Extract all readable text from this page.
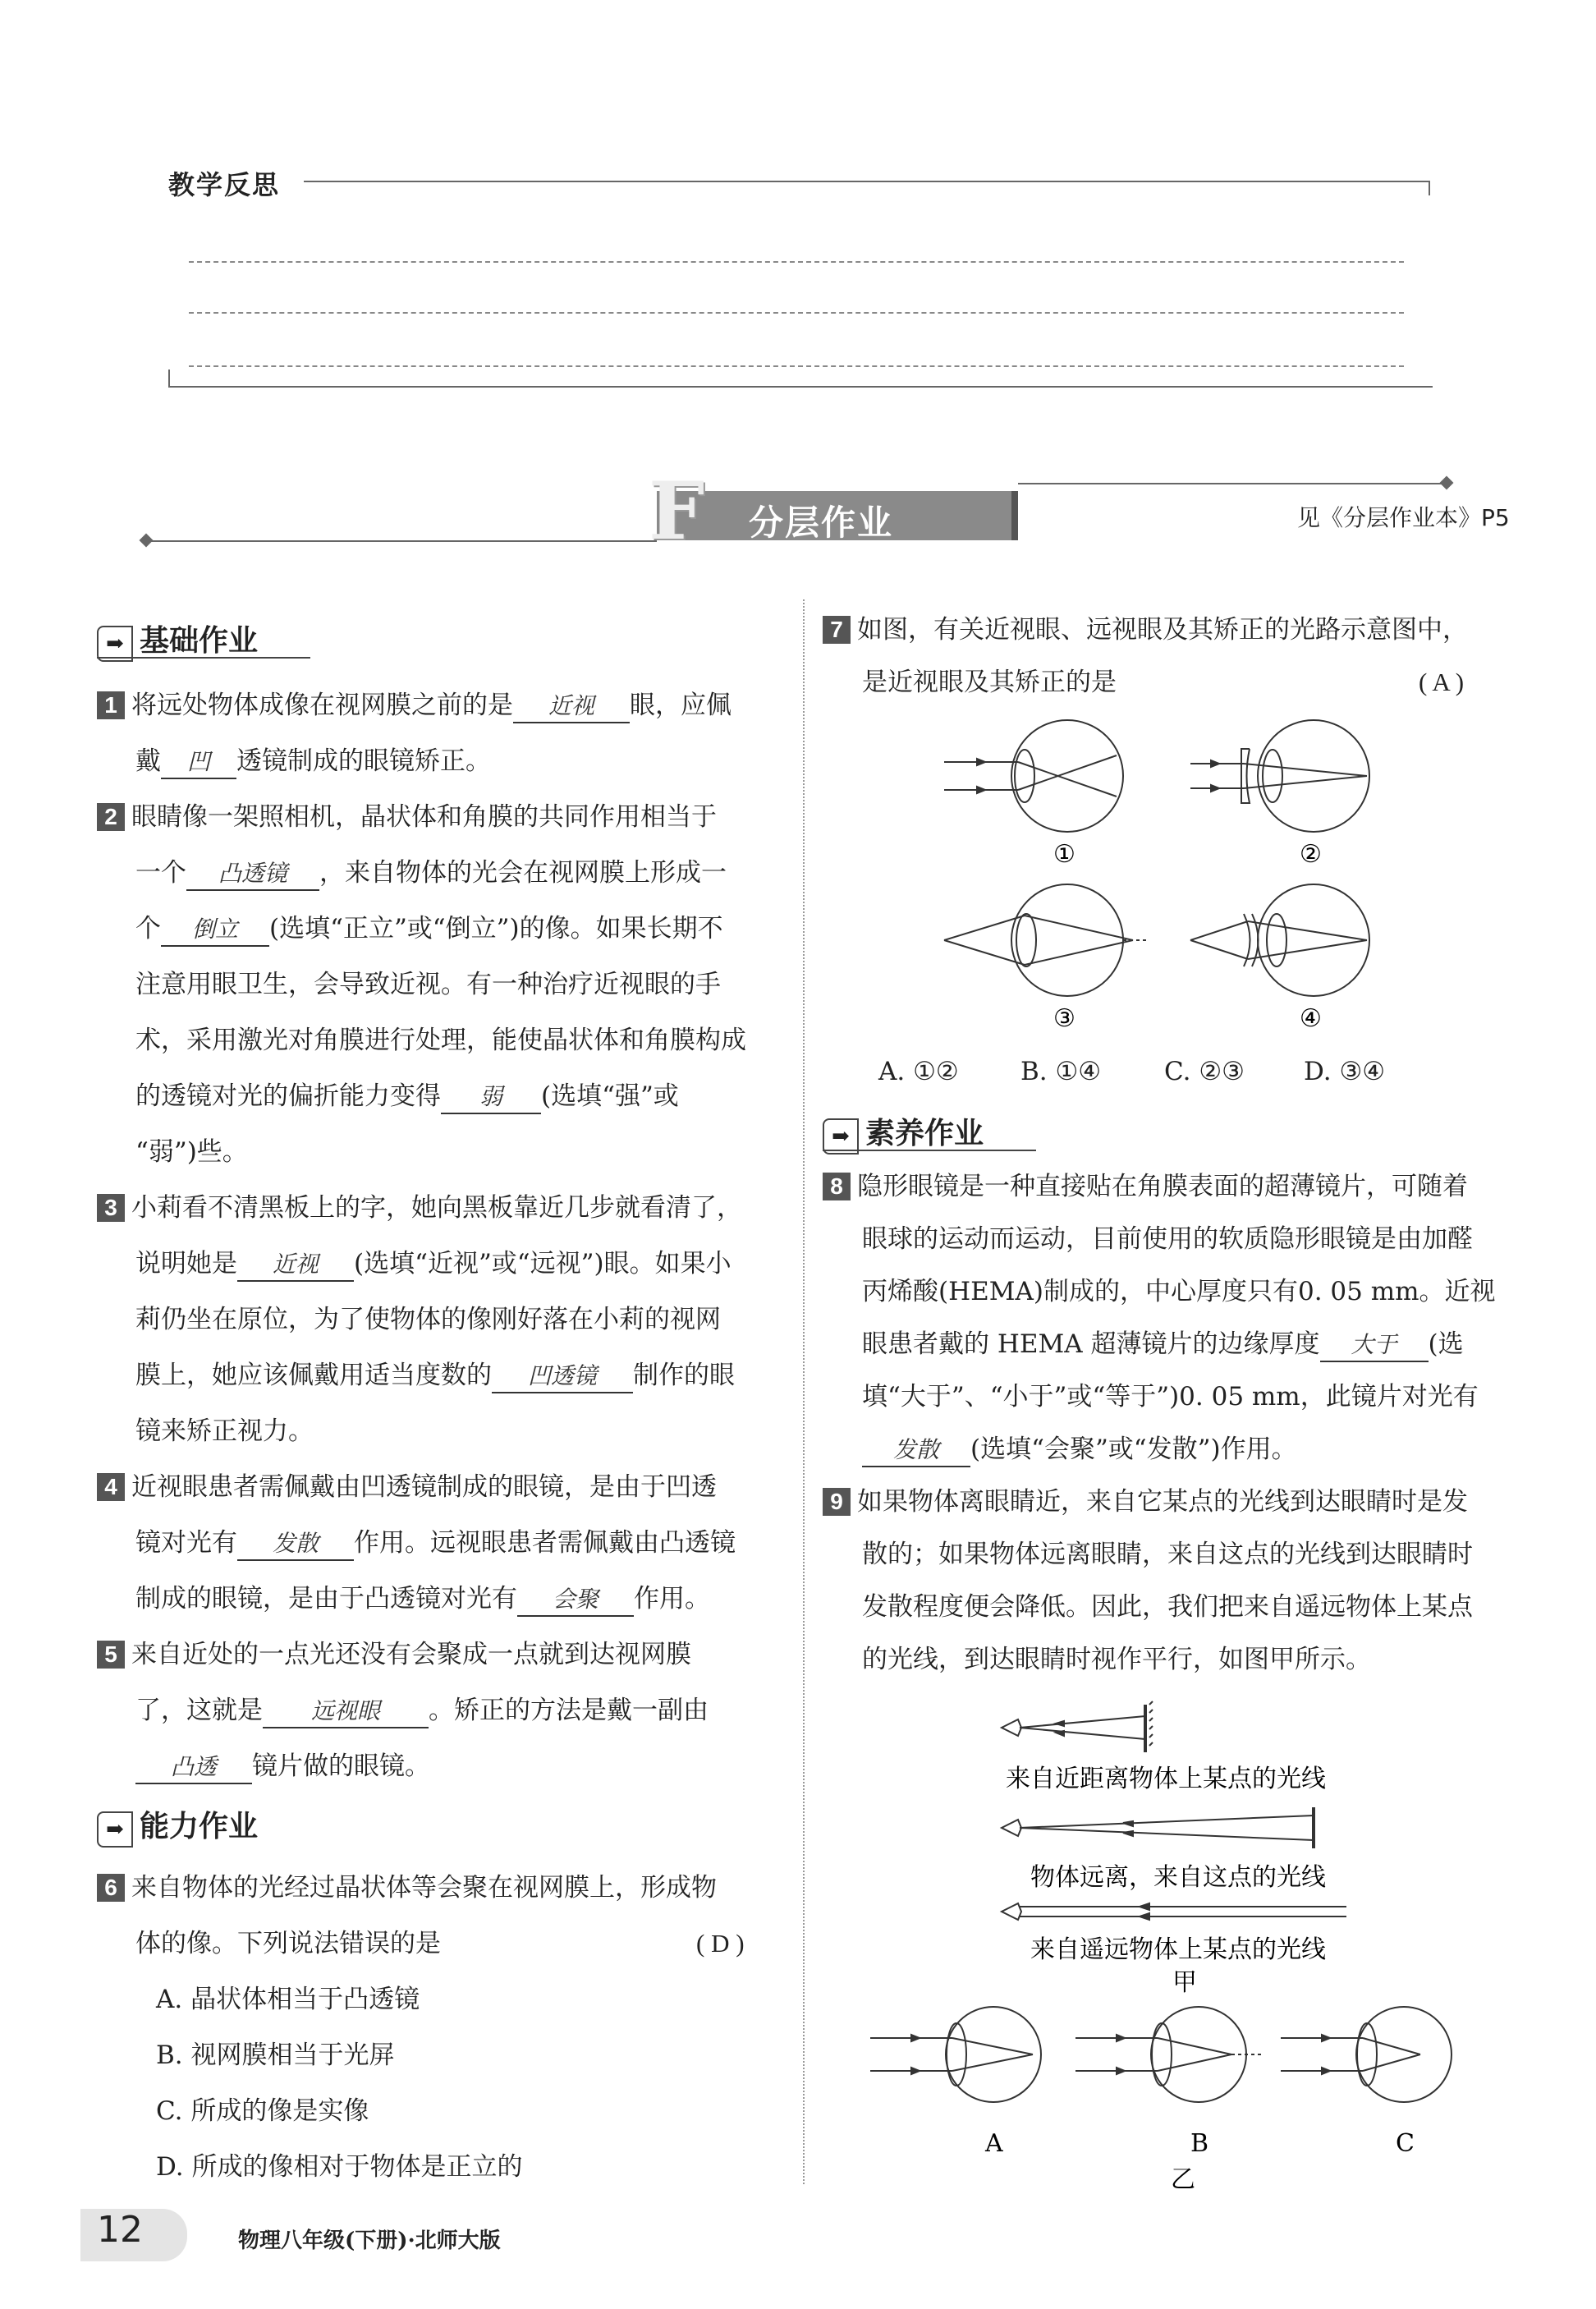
教学反思
F 分层作业	见《分层作业本》P5
➡ 基础作业
1 将远处物体成像在视网膜之前的是 近视 眼，应佩
戴 凹 透镜制成的眼镜矫正。
2 眼睛像一架照相机，晶状体和角膜的共同作用相当于
一个 凸透镜 ，来自物体的光会在视网膜上形成一
个 倒立 (选填“正立”或“倒立”)的像。如果长期不
注意用眼卫生，会导致近视。有一种治疗近视眼的手
术，采用激光对角膜进行处理，能使晶状体和角膜构成
的透镜对光的偏折能力变得 弱 (选填“强”或
“弱”)些。
3 小莉看不清黑板上的字，她向黑板靠近几步就看清了，
说明她是 近视 (选填“近视”或“远视”)眼。如果小
莉仍坐在原位，为了使物体的像刚好落在小莉的视网
膜上，她应该佩戴用适当度数的 凹透镜 制作的眼
镜来矫正视力。
4 近视眼患者需佩戴由凹透镜制成的眼镜，是由于凹透
镜对光有 发散 作用。远视眼患者需佩戴由凸透镜
制成的眼镜，是由于凸透镜对光有 会聚 作用。
5 来自近处的一点光还没有会聚成一点就到达视网膜
了，这就是 远视眼 。矫正的方法是戴一副由
凸透 镜片做的眼镜。
➡ 能力作业
6 来自物体的光经过晶状体等会聚在视网膜上，形成物
体的像。下列说法错误的是	( D )
A. 晶状体相当于凸透镜
B. 视网膜相当于光屏
C. 所成的像是实像
D. 所成的像相对于物体是正立的
7 如图，有关近视眼、远视眼及其矫正的光路示意图中，
是近视眼及其矫正的是	( A )
①	②
③	④
A. ①② B. ①④ C. ②③ D. ③④
➡ 素养作业
8 隐形眼镜是一种直接贴在角膜表面的超薄镜片，可随着
眼球的运动而运动，目前使用的软质隐形眼镜是由加醛
丙烯酸(HEMA)制成的，中心厚度只有0. 05 mm。近视
眼患者戴的 HEMA 超薄镜片的边缘厚度 大于 (选
填“大于”、“小于”或“等于”)0. 05 mm，此镜片对光有
发散 (选填“会聚”或“发散”)作用。
9 如果物体离眼睛近，来自它某点的光线到达眼睛时是发
散的；如果物体远离眼睛，来自这点的光线到达眼睛时
发散程度便会降低。因此，我们把来自遥远物体上某点
的光线，到达眼睛时视作平行，如图甲所示。
来自近距离物体上某点的光线
物体远离，来自这点的光线
来自遥远物体上某点的光线
甲
A	B	C
乙
12	物理八年级(下册)·北师大版
